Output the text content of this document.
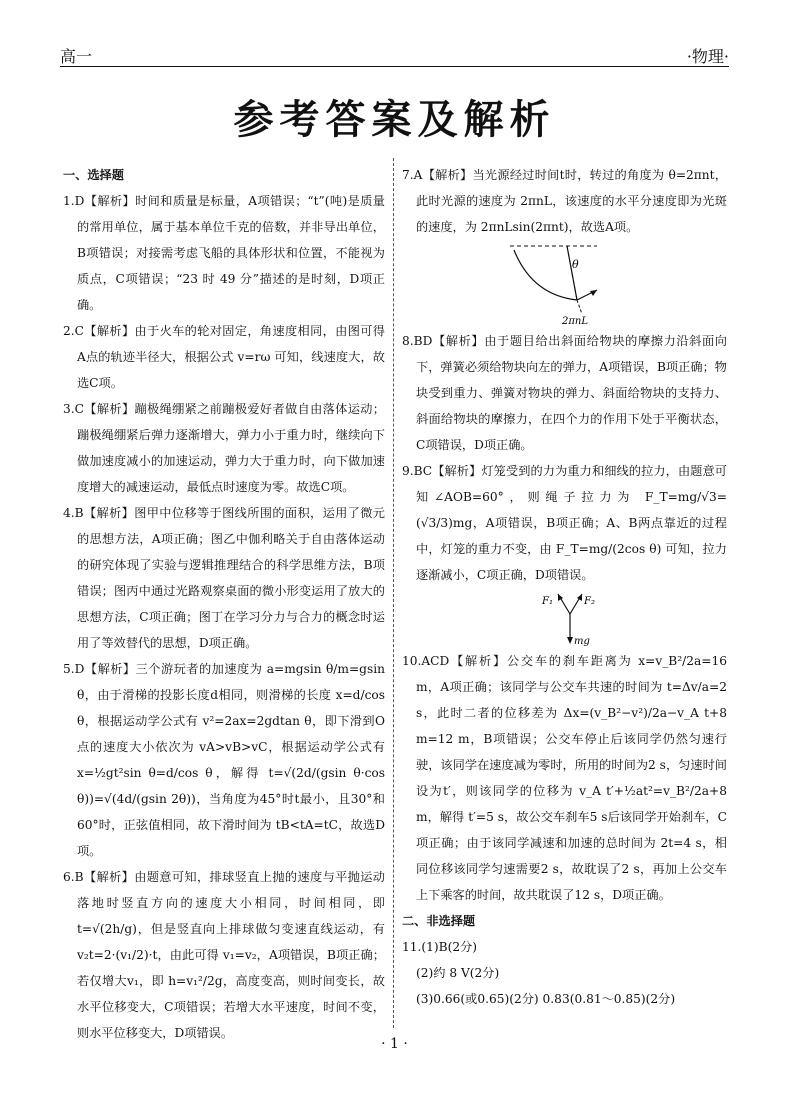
高一	·物理·
参考答案及解析
一、选择题

1.D【解析】时间和质量是标量，A项错误；“t”(吨)是质量的常用单位，属于基本单位千克的倍数，并非导出单位，B项错误；对接需考虑飞船的具体形状和位置，不能视为质点，C项错误；“23 时 49 分”描述的是时刻，D项正确。

2.C【解析】由于火车的轮对固定，角速度相同，由图可得A点的轨迹半径大，根据公式 v=rω 可知，线速度大，故选C项。

3.C【解析】蹦极绳绷紧之前蹦极爱好者做自由落体运动；蹦极绳绷紧后弹力逐渐增大，弹力小于重力时，继续向下做加速度减小的加速运动，弹力大于重力时，向下做加速度增大的减速运动，最低点时速度为零。故选C项。

4.B【解析】图甲中位移等于图线所围的面积，运用了微元的思想方法，A项正确；图乙中伽利略关于自由落体运动的研究体现了实验与逻辑推理结合的科学思维方法，B项错误；图丙中通过光路观察桌面的微小形变运用了放大的思想方法，C项正确；图丁在学习分力与合力的概念时运用了等效替代的思想，D项正确。

5.D【解析】三个游玩者的加速度为 a=mgsin θ/m=gsin θ，由于滑梯的投影长度d相同，则滑梯的长度 x=d/cos θ，根据运动学公式有 v²=2ax=2gdtan θ，即下滑到O点的速度大小依次为 vA>vB>vC，根据运动学公式有 x=½gt²sin θ=d/cos θ，解得 t=√(2d/(gsin θ·cos θ))=√(4d/(gsin 2θ))，当角度为45°时t最小，且30°和60°时，正弦值相同，故下滑时间为 tB<tA=tC，故选D项。

6.B【解析】由题意可知，排球竖直上抛的速度与平抛运动落地时竖直方向的速度大小相同，时间相同，即 t=√(2h/g)，但是竖直向上排球做匀变速直线运动，有 v₂t=2·(v₁/2)·t，由此可得 v₁=v₂，A项错误，B项正确；若仅增大v₁，即 h=v₁²/2g，高度变高，则时间变长，故水平位移变大，C项错误；若增大水平速度，时间不变，则水平位移变大，D项错误。

7.A【解析】当光源经过时间t时，转过的角度为 θ=2πnt，此时光源的速度为 2πnL，该速度的水平分速度即为光斑的速度，为 2πnLsin(2πnt)，故选A项。

θ
2πnL

8.BD【解析】由于题目给出斜面给物块的摩擦力沿斜面向下，弹簧必须给物块向左的弹力，A项错误，B项正确；物块受到重力、弹簧对物块的弹力、斜面给物块的支持力、斜面给物块的摩擦力，在四个力的作用下处于平衡状态，C项错误，D项正确。

9.BC【解析】灯笼受到的力为重力和细线的拉力，由题意可知∠AOB=60°，则绳子拉力为 F_T=mg/√3=(√3/3)mg，A项错误，B项正确；A、B两点靠近的过程中，灯笼的重力不变，由 F_T=mg/(2cos θ) 可知，拉力逐渐减小，C项正确，D项错误。

F₁	F₂
mg

10.ACD【解析】公交车的刹车距离为 x=v_B²/2a=16 m，A项正确；该同学与公交车共速的时间为 t=Δv/a=2 s，此时二者的位移差为 Δx=(v_B²−v²)/2a−v_A t+8 m=12 m，B项错误；公交车停止后该同学仍然匀速行驶，该同学在速度减为零时，所用的时间为2 s，匀速时间设为t′，则该同学的位移为 v_A t′+½at²=v_B²/2a+8 m，解得 t′=5 s，故公交车刹车5 s后该同学开始刹车，C项正确；由于该同学减速和加速的总时间为 2t=4 s，相同位移该同学匀速需要2 s，故耽误了2 s，再加上公交车上下乘客的时间，故共耽误了12 s，D项正确。

二、非选择题

11.(1)B(2分)

(2)约 8 V(2分)

(3)0.66(或0.65)(2分) 0.83(0.81～0.85)(2分)

· 1 ·
